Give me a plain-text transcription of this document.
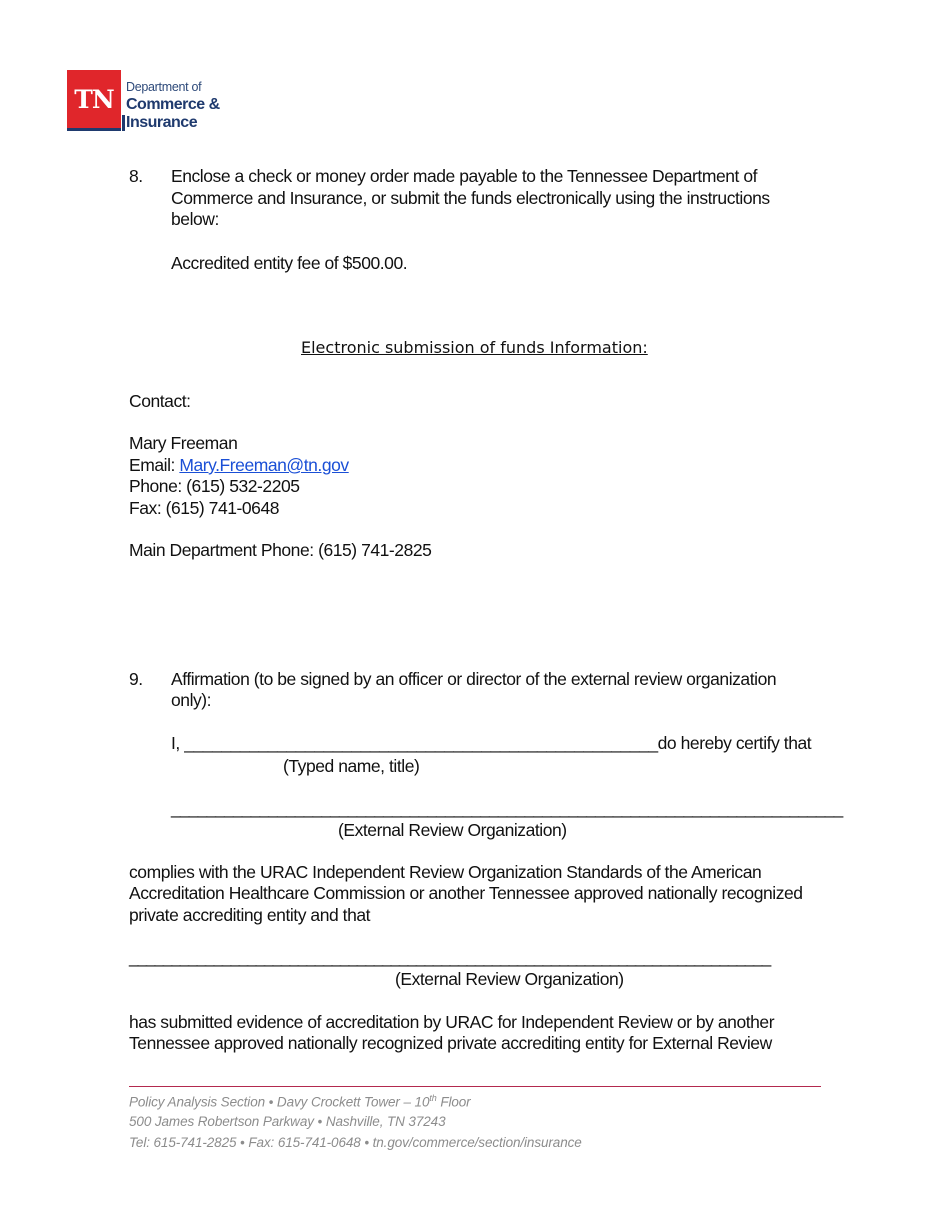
TN Department of
Commerce &
Insurance
8. Enclose a check or money order made payable to the Tennessee Department of
Commerce and Insurance, or submit the funds electronically using the instructions
below:
Accredited entity fee of $500.00.
Electronic submission of funds Information:
Contact:
Mary Freeman
Email: Mary.Freeman@tn.gov
Phone: (615) 532-2205
Fax: (615) 741-0648
Main Department Phone: (615) 741-2825
9. Affirmation (to be signed by an officer or director of the external review organization
only):
I, ___________________________________________________do hereby certify that
(Typed name, title)
____________________________________________________________________________
(External Review Organization)
complies with the URAC Independent Review Organization Standards of the American
Accreditation Healthcare Commission or another Tennessee approved nationally recognized
private accrediting entity and that
____________________________________________________________________________
(External Review Organization)
has submitted evidence of accreditation by URAC for Independent Review or by another
Tennessee approved nationally recognized private accrediting entity for External Review
Policy Analysis Section • Davy Crockett Tower – 10th Floor
500 James Robertson Parkway • Nashville, TN 37243
Tel: 615-741-2825 • Fax: 615-741-0648 • tn.gov/commerce/section/insurance
